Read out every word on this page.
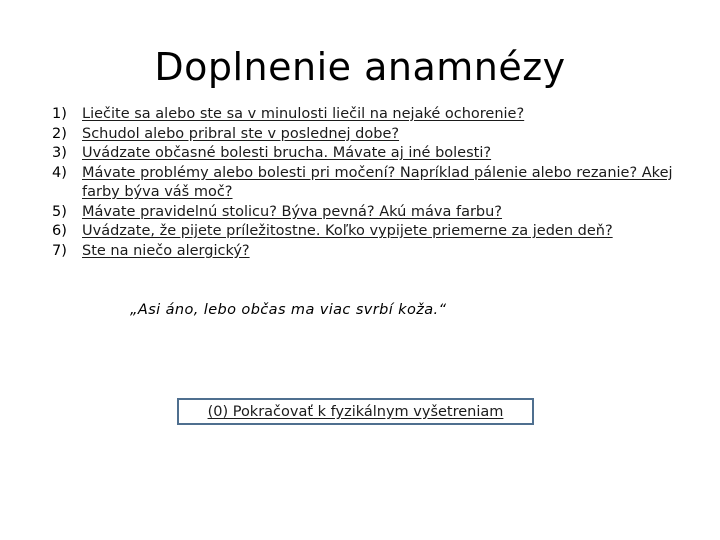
Doplnenie anamnézy
1)	Liečite sa alebo ste sa v minulosti liečil na nejaké ochorenie?
2)	Schudol alebo pribral ste v poslednej dobe?
3)	Uvádzate občasné bolesti brucha. Mávate aj iné bolesti?
4)	Mávate problémy alebo bolesti pri močení? Napríklad pálenie alebo rezanie? Akej farby býva váš moč?
5)	Mávate pravidelnú stolicu? Býva pevná? Akú máva farbu?
6)	Uvádzate, že pijete príležitostne. Koľko vypijete priemerne za jeden deň?
7)	Ste na niečo alergický?
„Asi áno, lebo občas ma viac svrbí koža.“
(0) Pokračovať k fyzikálnym vyšetreniam
